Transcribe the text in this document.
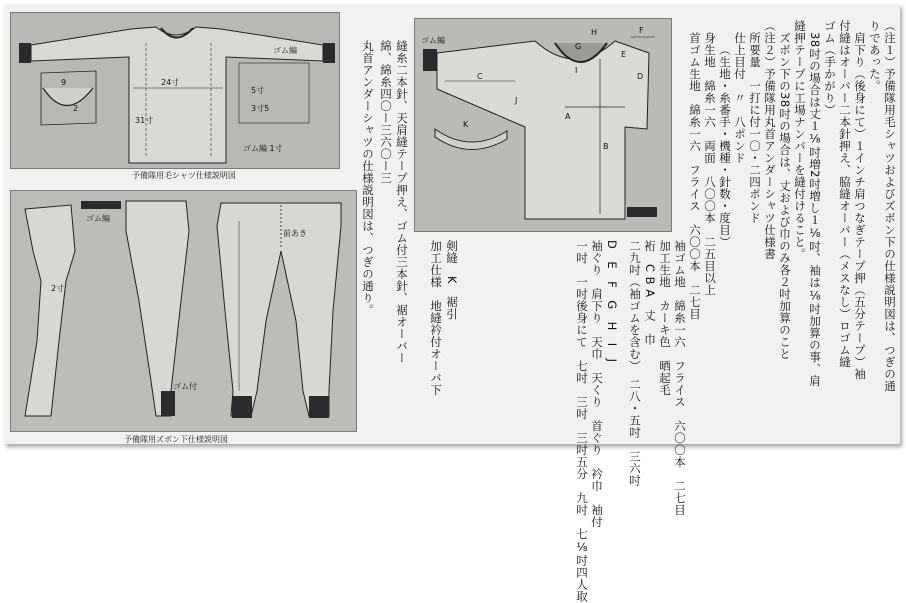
9
2
24寸
31寸
ゴム編
5寸
3寸5
ゴム編 1寸
予備隊用毛シャツ仕様説明図
ゴム編
前あき
2寸
ゴム付
予備隊用ズボン下仕様説明図
縫糸二本針、天肩縫テープ押え、ゴム付三本針、裾オーバー
綿、綿糸四〇ー三六〇ー三
丸首アンダーシャツの仕様説明図は、つぎの通り。	ゴム編
C
A
B
D
E
F
J
K
G
H
I	（注１）予備隊用毛シャツおよびズボン下の仕様説明図は、つぎの通
りであった。
肩下り（後身にて）１インチ肩つなぎテープ押（五分テープ）袖
付縫はオーバー二本針押え、脇縫オーバー（メスなし）ロゴム縫
ゴム（手かがり）
38吋の場合は丈１⅛吋増2吋増し１⅛吋、袖は⅛吋加算の事、肩
縫押テープに工場ナンバーを縫付けること。
ズボン下の38吋の場合は、丈および巾のみ各２吋加算のこと
（注２）予備隊用丸首アンダーシャツ仕様書
所要量　一打に付一〇・二四ポンド
仕上目付　〃　八ポンド
（生地・糸番手・機種・針数・度目）
身生地　綿糸一六　両面　八〇〇本　二五目以上
首ゴム生地　綿糸一六　フライス　六〇〇本　二七目
袖ゴム地　綿糸一六　フライス　六〇〇本　二七目
加工生地　カーキ色　晒起毛
裄　C B A　丈　巾
二九吋（袖ゴムを含む）　二八・五吋　三六吋
D　E　F　G　H　I　J
袖ぐり　肩下り　天巾　天くり　首ぐり　衿巾　袖付
一吋　一吋後身にて　七吋　三吋　三吋五分　九吋　七⅛吋四人取
剣縫　K　裾引
加工仕様　地縫衿付オーバ下
